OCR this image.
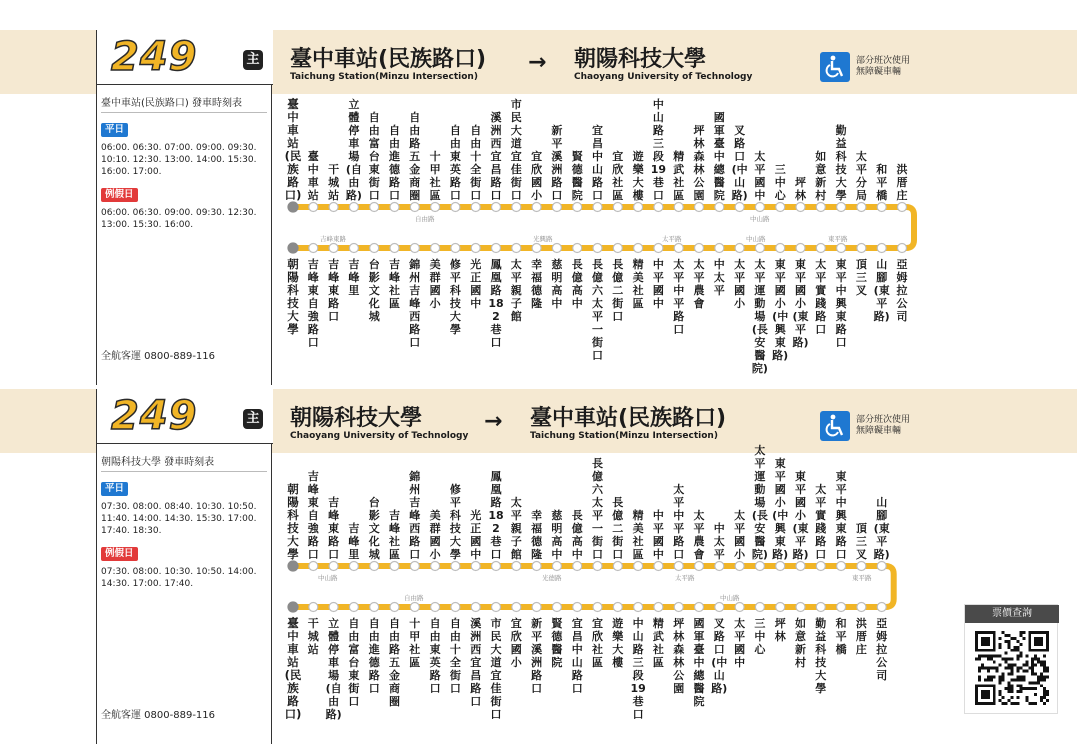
249	主
臺中車站(民族路口) 發車時刻表
平日
06:00. 06:30. 07:00. 09:00. 09:30. 10:10. 12:30. 13:00. 14:00. 15:30. 16:00. 17:00.
例假日
06:00. 06:30. 09:00. 09:30. 12:30. 13:00. 15:30. 16:00.
全航客運 0800-889-116
臺中車站(民族路口)
Taichung Station(Minzu Intersection)
→ 朝陽科技大學
Chaoyang University of Technology
部分班次使用
無障礙車輛
臺中車站(民族路口)
臺中車站
干城站
立體停車場(自由路)
自由富台東街口
自由進德路口
自由路五金商圈
十甲社區
自由東英路口
自由十全街口
溪洲西宜昌路口
市民大道宜佳街口
宜欣國小
新平溪洲路口
賢德醫院
宜昌中山路口
宜欣社區
遊樂大樓
中山路三段19巷口
精武社區
坪林森林公園
國軍臺中總醫院
叉路口(中山路)
太平國中
三中心
坪林
如意新村
勤益科技大學
太平分局
和平橋
洪厝庄
朝陽科技大學
吉峰東自強路口
吉峰東路口
吉峰里
台影文化城
吉峰社區
錦州吉峰西路口
美群國小
修平科技大學
光正國中
鳳凰路182巷口
太平親子館
幸福德隆
慈明高中
長億高中
長億六太平一街口
長億二街口
精美社區
中平國中
太平中平路口
太平農會
中太平
太平國小
太平運動場(長安醫院)
東平國小(中興東路)
東平國小(東平路)
太平實踐路口
東平中興東路口
頂三叉
山腳(東平路)
亞姆拉公司
自由路	中山路
吉峰東路	光興路	太平路	中山路	東平路
249	主
朝陽科技大學 發車時刻表
平日
07:30. 08:00. 08:40. 10:30. 10:50. 11:40. 14:00. 14:30. 15:30. 17:00. 17:40. 18:30.
例假日
07:30. 08:00. 10:30. 10:50. 14:00. 14:30. 17:00. 17:40.
全航客運 0800-889-116
朝陽科技大學
Chaoyang University of Technology
→ 臺中車站(民族路口)
Taichung Station(Minzu Intersection)
部分班次使用
無障礙車輛
朝陽科技大學
吉峰東自強路口
吉峰東路口
吉峰里
台影文化城
吉峰社區
錦州吉峰西路口
美群國小
修平科技大學
光正國中
鳳凰路182巷口
太平親子館
幸福德隆
慈明高中
長億高中
長億六太平一街口
長億二街口
精美社區
中平國中
太平中平路口
太平農會
中太平
太平國小
太平運動場(長安醫院)
東平國小(中興東路)
東平國小(東平路)
太平實踐路口
東平中興東路口
頂三叉
山腳(東平路)
臺中車站(民族路口)
干城站
立體停車場(自由路)
自由富台東街口
自由進德路口
自由路五金商圈
十甲社區
自由東英路口
自由十全街口
溪洲西宜昌路口
市民大道宜佳街口
宜欣國小
新平溪洲路口
賢德醫院
宜昌中山路口
宜欣社區
遊樂大樓
中山路三段19巷口
精武社區
坪林森林公園
國軍臺中總醫院
叉路口(中山路)
太平國中
三中心
坪林
如意新村
勤益科技大學
和平橋
洪厝庄
亞姆拉公司
中山路	光德路	太平路	東平路
自由路	中山路
票價查詢
